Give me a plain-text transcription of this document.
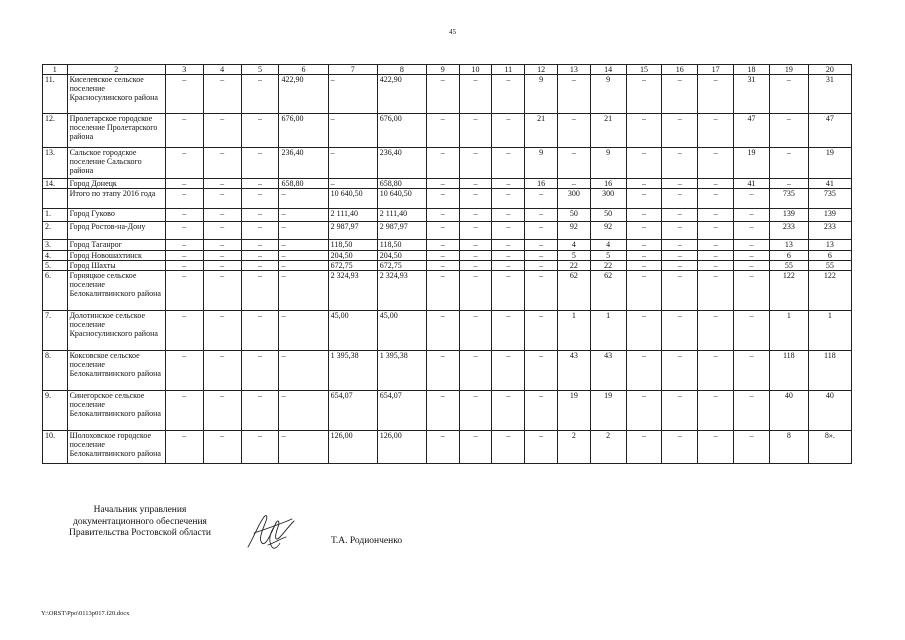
45
1	2	3	4	5	6	7	8	9	10	11	12	13	14	15	16	17	18	19	20
11.	Киселевское сельское поселение Красносулинского района	–	–	–	422,90	–	422,90	–	–	–	9	–	9	–	–	–	31	–	31
12.	Пролетарское городское поселение Пролетарского района	–	–	–	676,00	–	676,00	–	–	–	21	–	21	–	–	–	47	–	47
13.	Сальское городское поселение Сальского района	–	–	–	236,40	–	236,40	–	–	–	9	–	9	–	–	–	19	–	19
14.	Город Донецк	–	–	–	658,80	–	658,80	–	–	–	16	–	16	–	–	–	41	–	41
	Итого по этапу 2016 года	–	–	–	–	10 640,50	10 640,50	–	–	–	–	300	300	–	–	–	–	735	735
1.	Город Гуково	–	–	–	–	2 111,40	2 111,40	–	–	–	–	50	50	–	–	–	–	139	139
2.	Город Ростов-на-Дону	–	–	–	–	2 987,97	2 987,97	–	–	–	–	92	92	–	–	–	–	233	233
3.	Город Таганрог	–	–	–	–	118,50	118,50	–	–	–	–	4	4	–	–	–	–	13	13
4.	Город Новошахтинск	–	–	–	–	204,50	204,50	–	–	–	–	5	5	–	–	–	–	6	6
5.	Город Шахты	–	–	–	–	672,75	672,75	–	–	–	–	22	22	–	–	–	–	55	55
6.	Горняцкое сельское поселение Белокалитвинского района	–	–	–	–	2 324,93	2 324,93	–	–	–	–	62	62	–	–	–	–	122	122
7.	Долотинское сельское поселение Красносулинского района	–	–	–	–	45,00	45,00	–	–	–	–	1	1	–	–	–	–	1	1
8.	Коксовское сельское поселение Белокалитвинского района	–	–	–	–	1 395,38	1 395,38	–	–	–	–	43	43	–	–	–	–	118	118
9.	Синегорское сельское поселение Белокалитвинского района	–	–	–	–	654,07	654,07	–	–	–	–	19	19	–	–	–	–	40	40
10.	Шолоховское городское поселение Белокалитвинского района	–	–	–	–	126,00	126,00	–	–	–	–	2	2	–	–	–	–	8	8».
Начальник управления
документационного обеспечения
Правительства Ростовской области
Т.А. Родионченко
Y:\ORST\Ppo\0113p017.f20.docx
